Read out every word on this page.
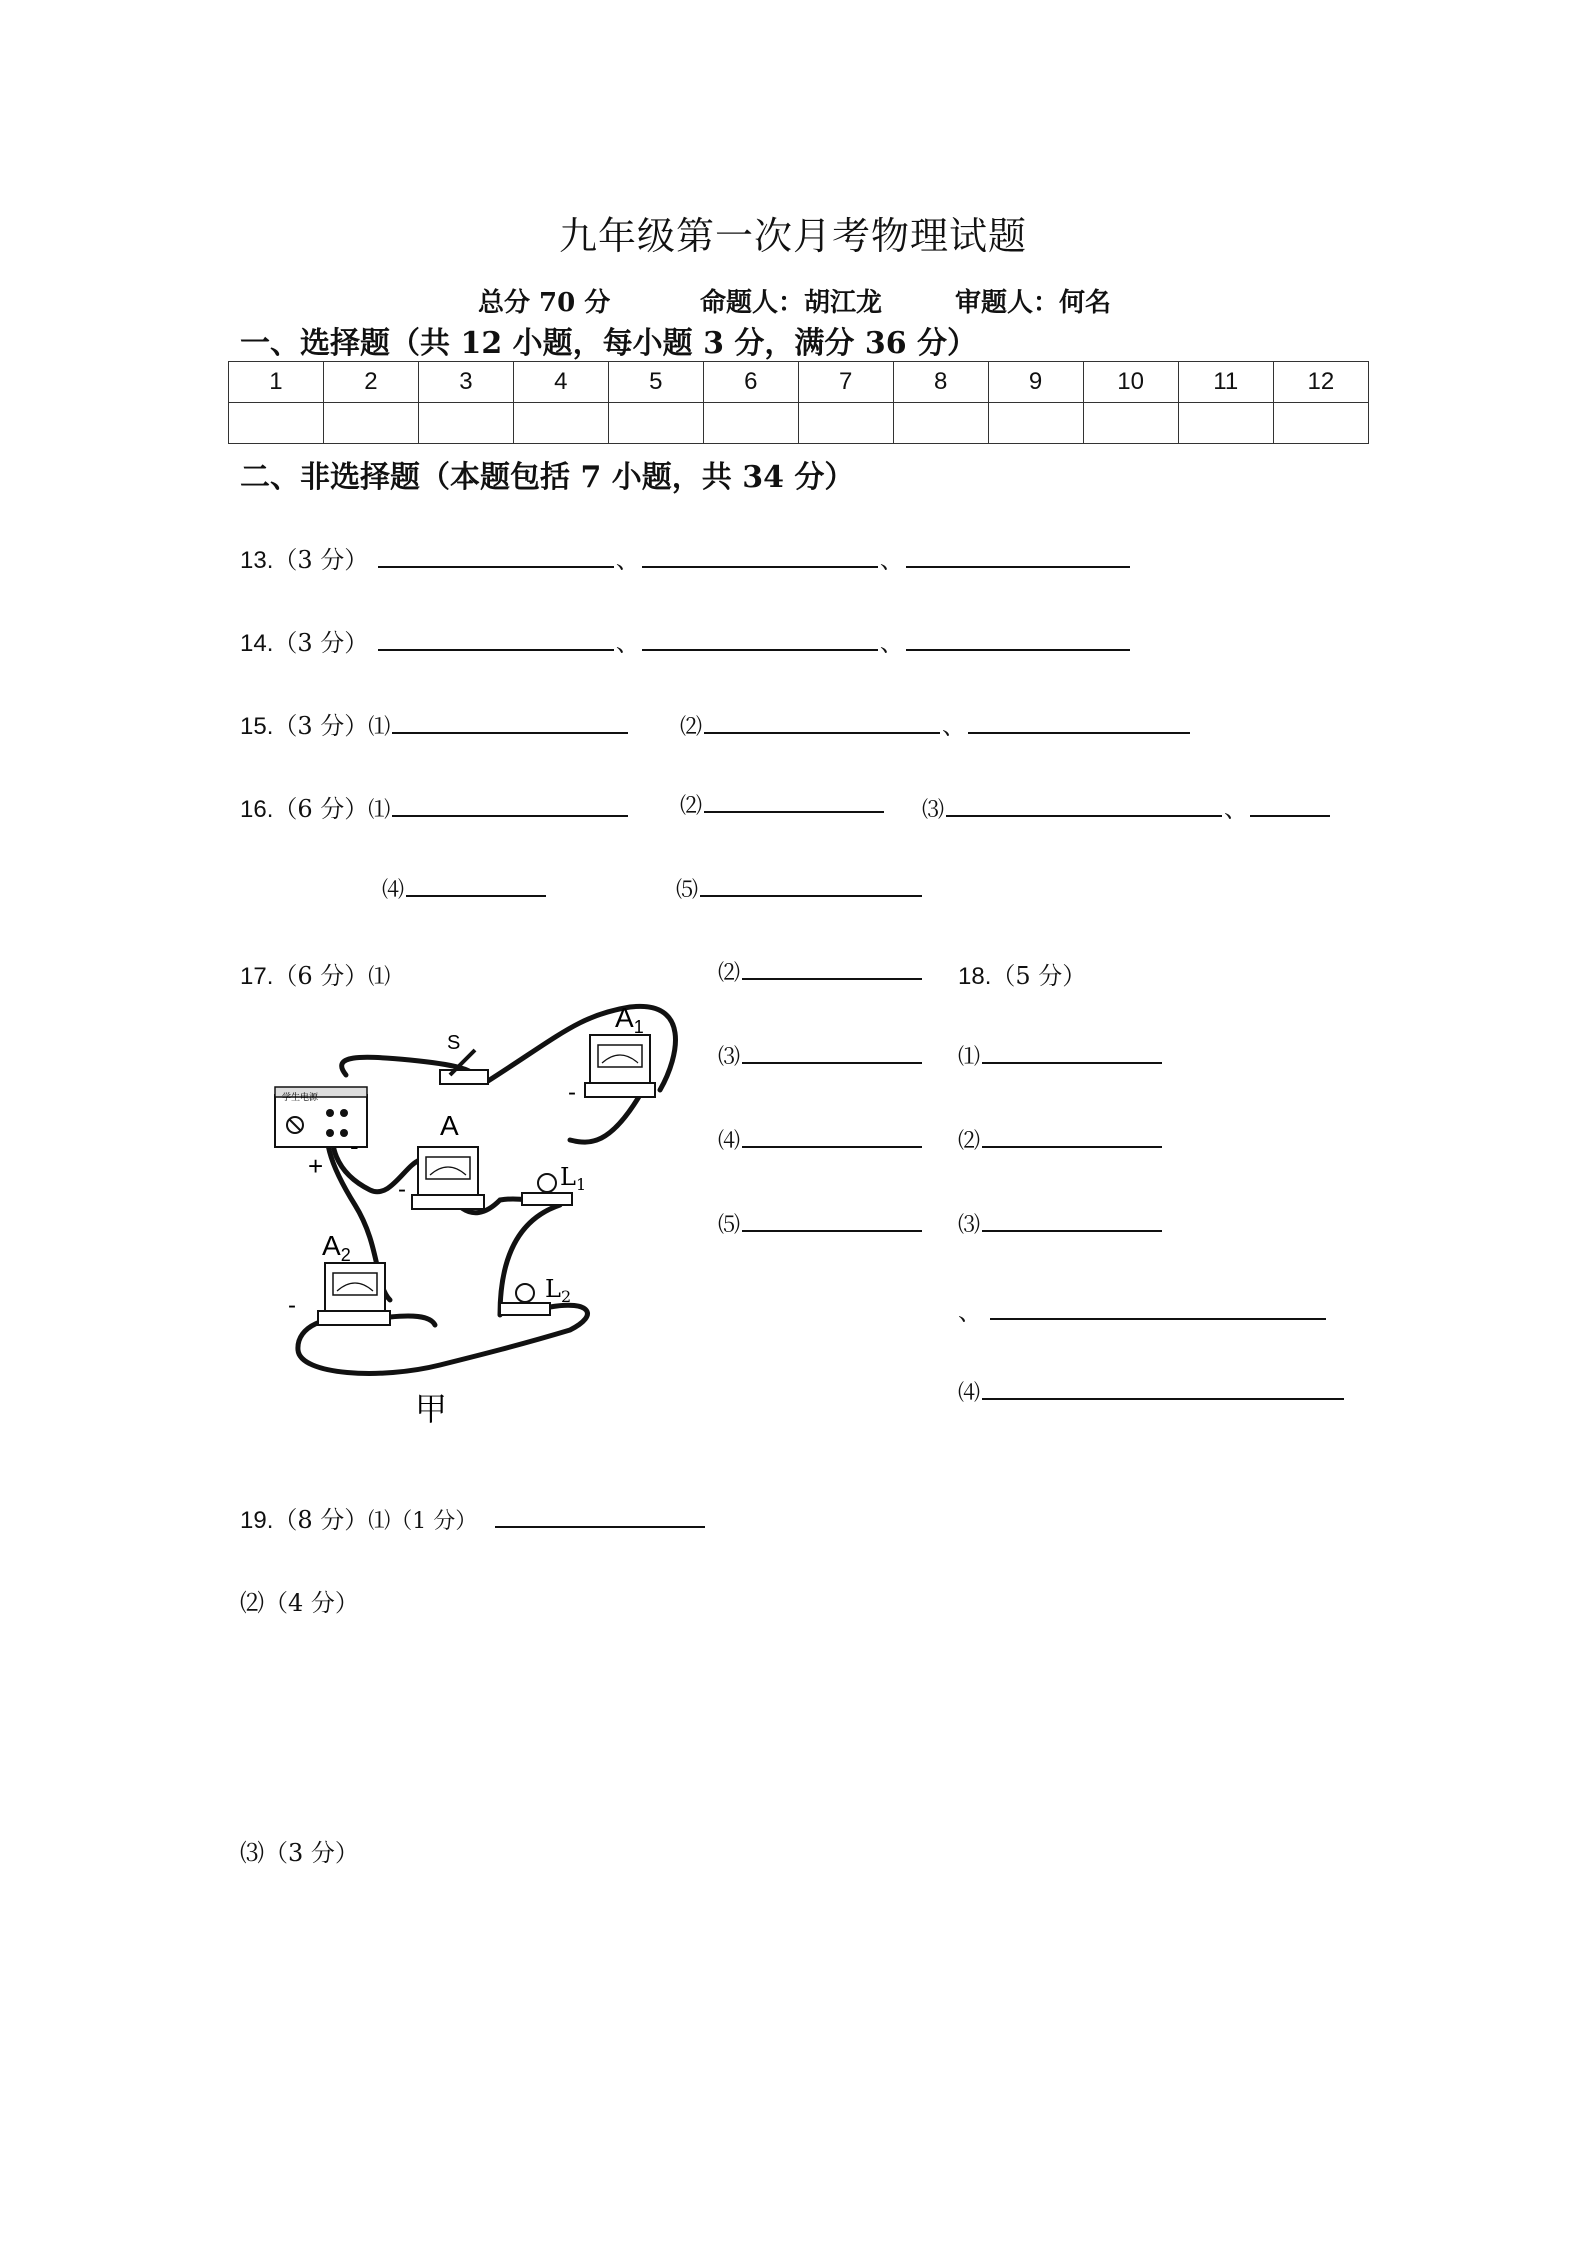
九年级第一次月考物理试题
总分 70 分	命题人：胡江龙	审题人：何名
一、选择题（共 12 小题，每小题 3 分，满分 36 分）
1	2	3	4	5	6	7	8	9	10	11	12

二、非选择题（本题包括 7 小题，共 34 分）
13.（3 分）	、	、
14.（3 分）	、	、
15.（3 分）⑴	⑵	、
16.（6 分）⑴	⑵	⑶	、
⑷	⑸
17.（6 分）⑴	⑵
⑶
⑷
⑸
18.（5 分）
⑴
⑵
⑶
、
⑷
19.（8 分）⑴（1 分）
⑵（4 分）
⑶（3 分）
学生电源
+
-
S
$A_1$
-
A
-	$L_1$
$L_2$
$A_2$
-
甲
